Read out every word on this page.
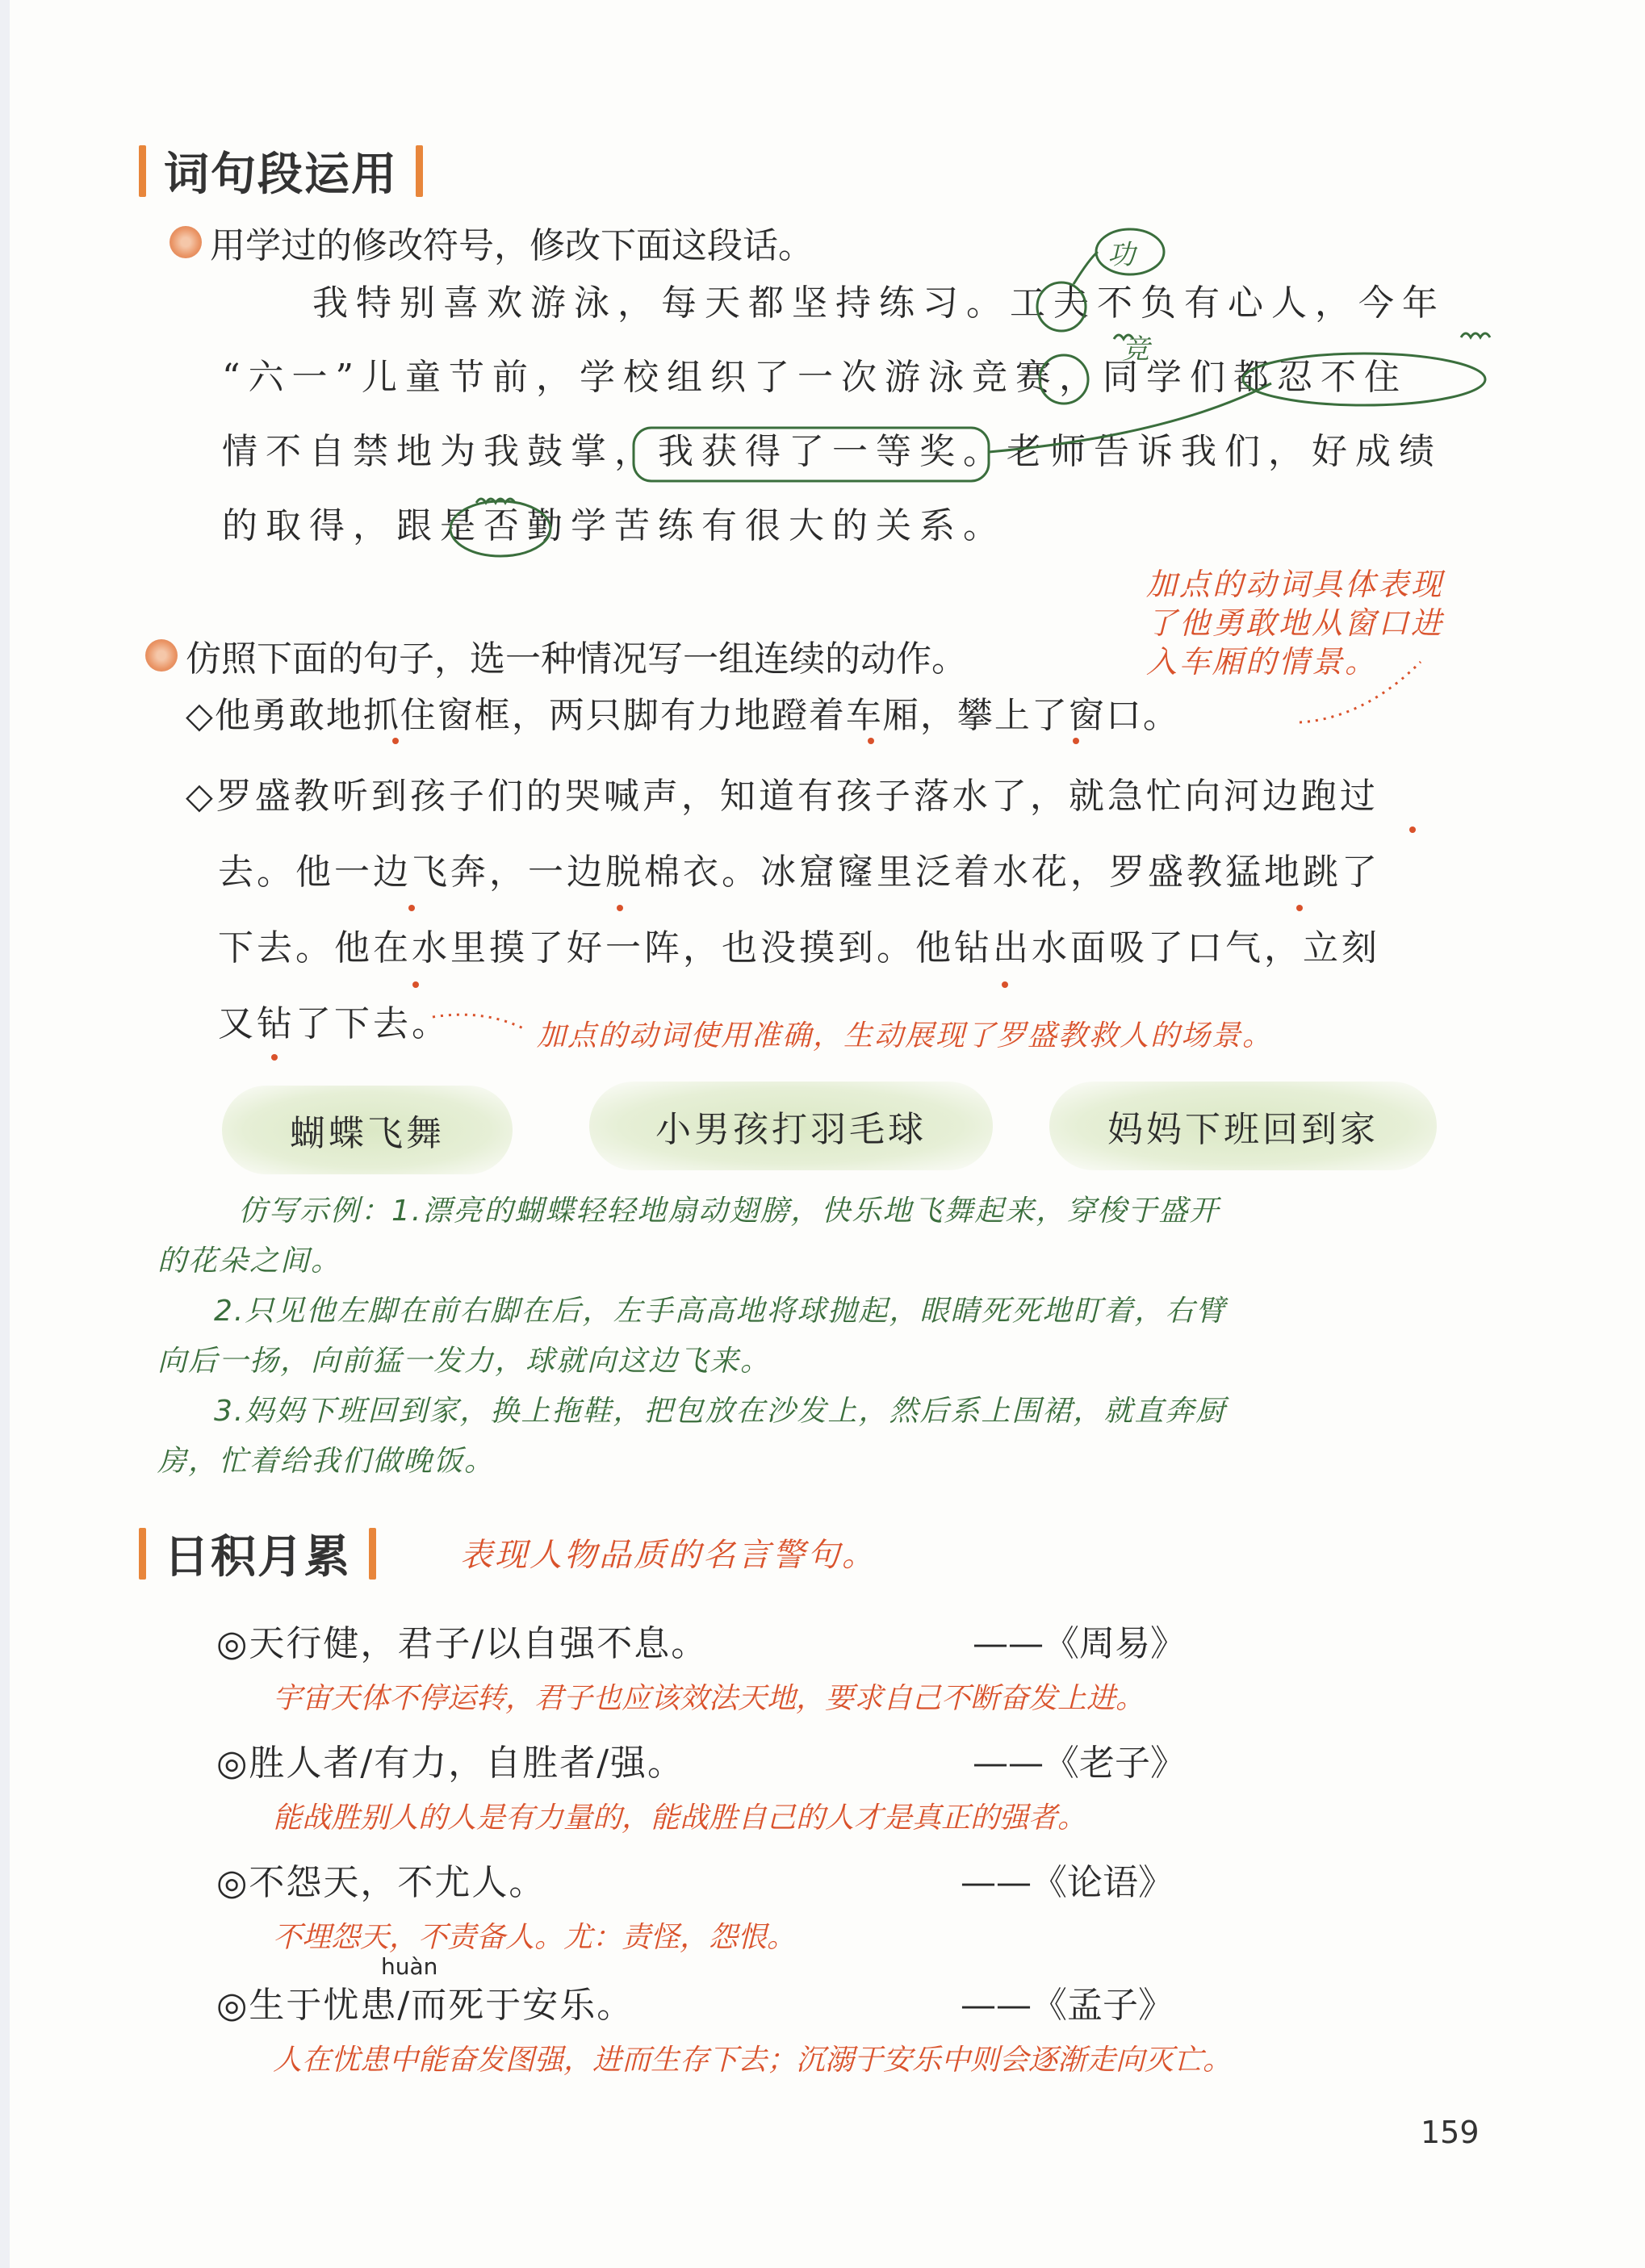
词句段运用
用学过的修改符号，修改下面这段话。
我特别喜欢游泳，每天都坚持练习。工夫不负有心人，今年
“六一”儿童节前，学校组织了一次游泳竞赛，同学们都忍不住
情不自禁地为我鼓掌，我获得了一等奖。老师告诉我们，好成绩
的取得，跟是否勤学苦练有很大的关系。
功
竞
仿照下面的句子，选一种情况写一组连续的动作。
加点的动词具体表现
了他勇敢地从窗口进
入车厢的情景。
◇他勇敢地抓住窗框，两只脚有力地蹬着车厢，攀上了窗口。
◇罗盛教听到孩子们的哭喊声，知道有孩子落水了，就急忙向河边跑过
去。他一边飞奔，一边脱棉衣。冰窟窿里泛着水花，罗盛教猛地跳了
下去。他在水里摸了好一阵，也没摸到。他钻出水面吸了口气，立刻
又钻了下去。	加点的动词使用准确，生动展现了罗盛教救人的场景。
蝴蝶飞舞	小男孩打羽毛球	妈妈下班回到家
仿写示例：1.漂亮的蝴蝶轻轻地扇动翅膀，快乐地飞舞起来，穿梭于盛开
的花朵之间。
2.只见他左脚在前右脚在后，左手高高地将球抛起，眼睛死死地盯着，右臂
向后一扬，向前猛一发力，球就向这边飞来。
3.妈妈下班回到家，换上拖鞋，把包放在沙发上，然后系上围裙，就直奔厨
房，忙着给我们做晚饭。
日积月累	表现人物品质的名言警句。
◎天行健，君子/以自强不息。	——《周易》
宇宙天体不停运转，君子也应该效法天地，要求自己不断奋发上进。
◎胜人者/有力，自胜者/强。	——《老子》
能战胜别人的人是有力量的，能战胜自己的人才是真正的强者。
◎不怨天，不尤人。	——《论语》
不埋怨天，不责备人。尤：责怪，怨恨。
huàn
◎生于忧患/而死于安乐。	——《孟子》
人在忧患中能奋发图强，进而生存下去；沉溺于安乐中则会逐渐走向灭亡。
159
